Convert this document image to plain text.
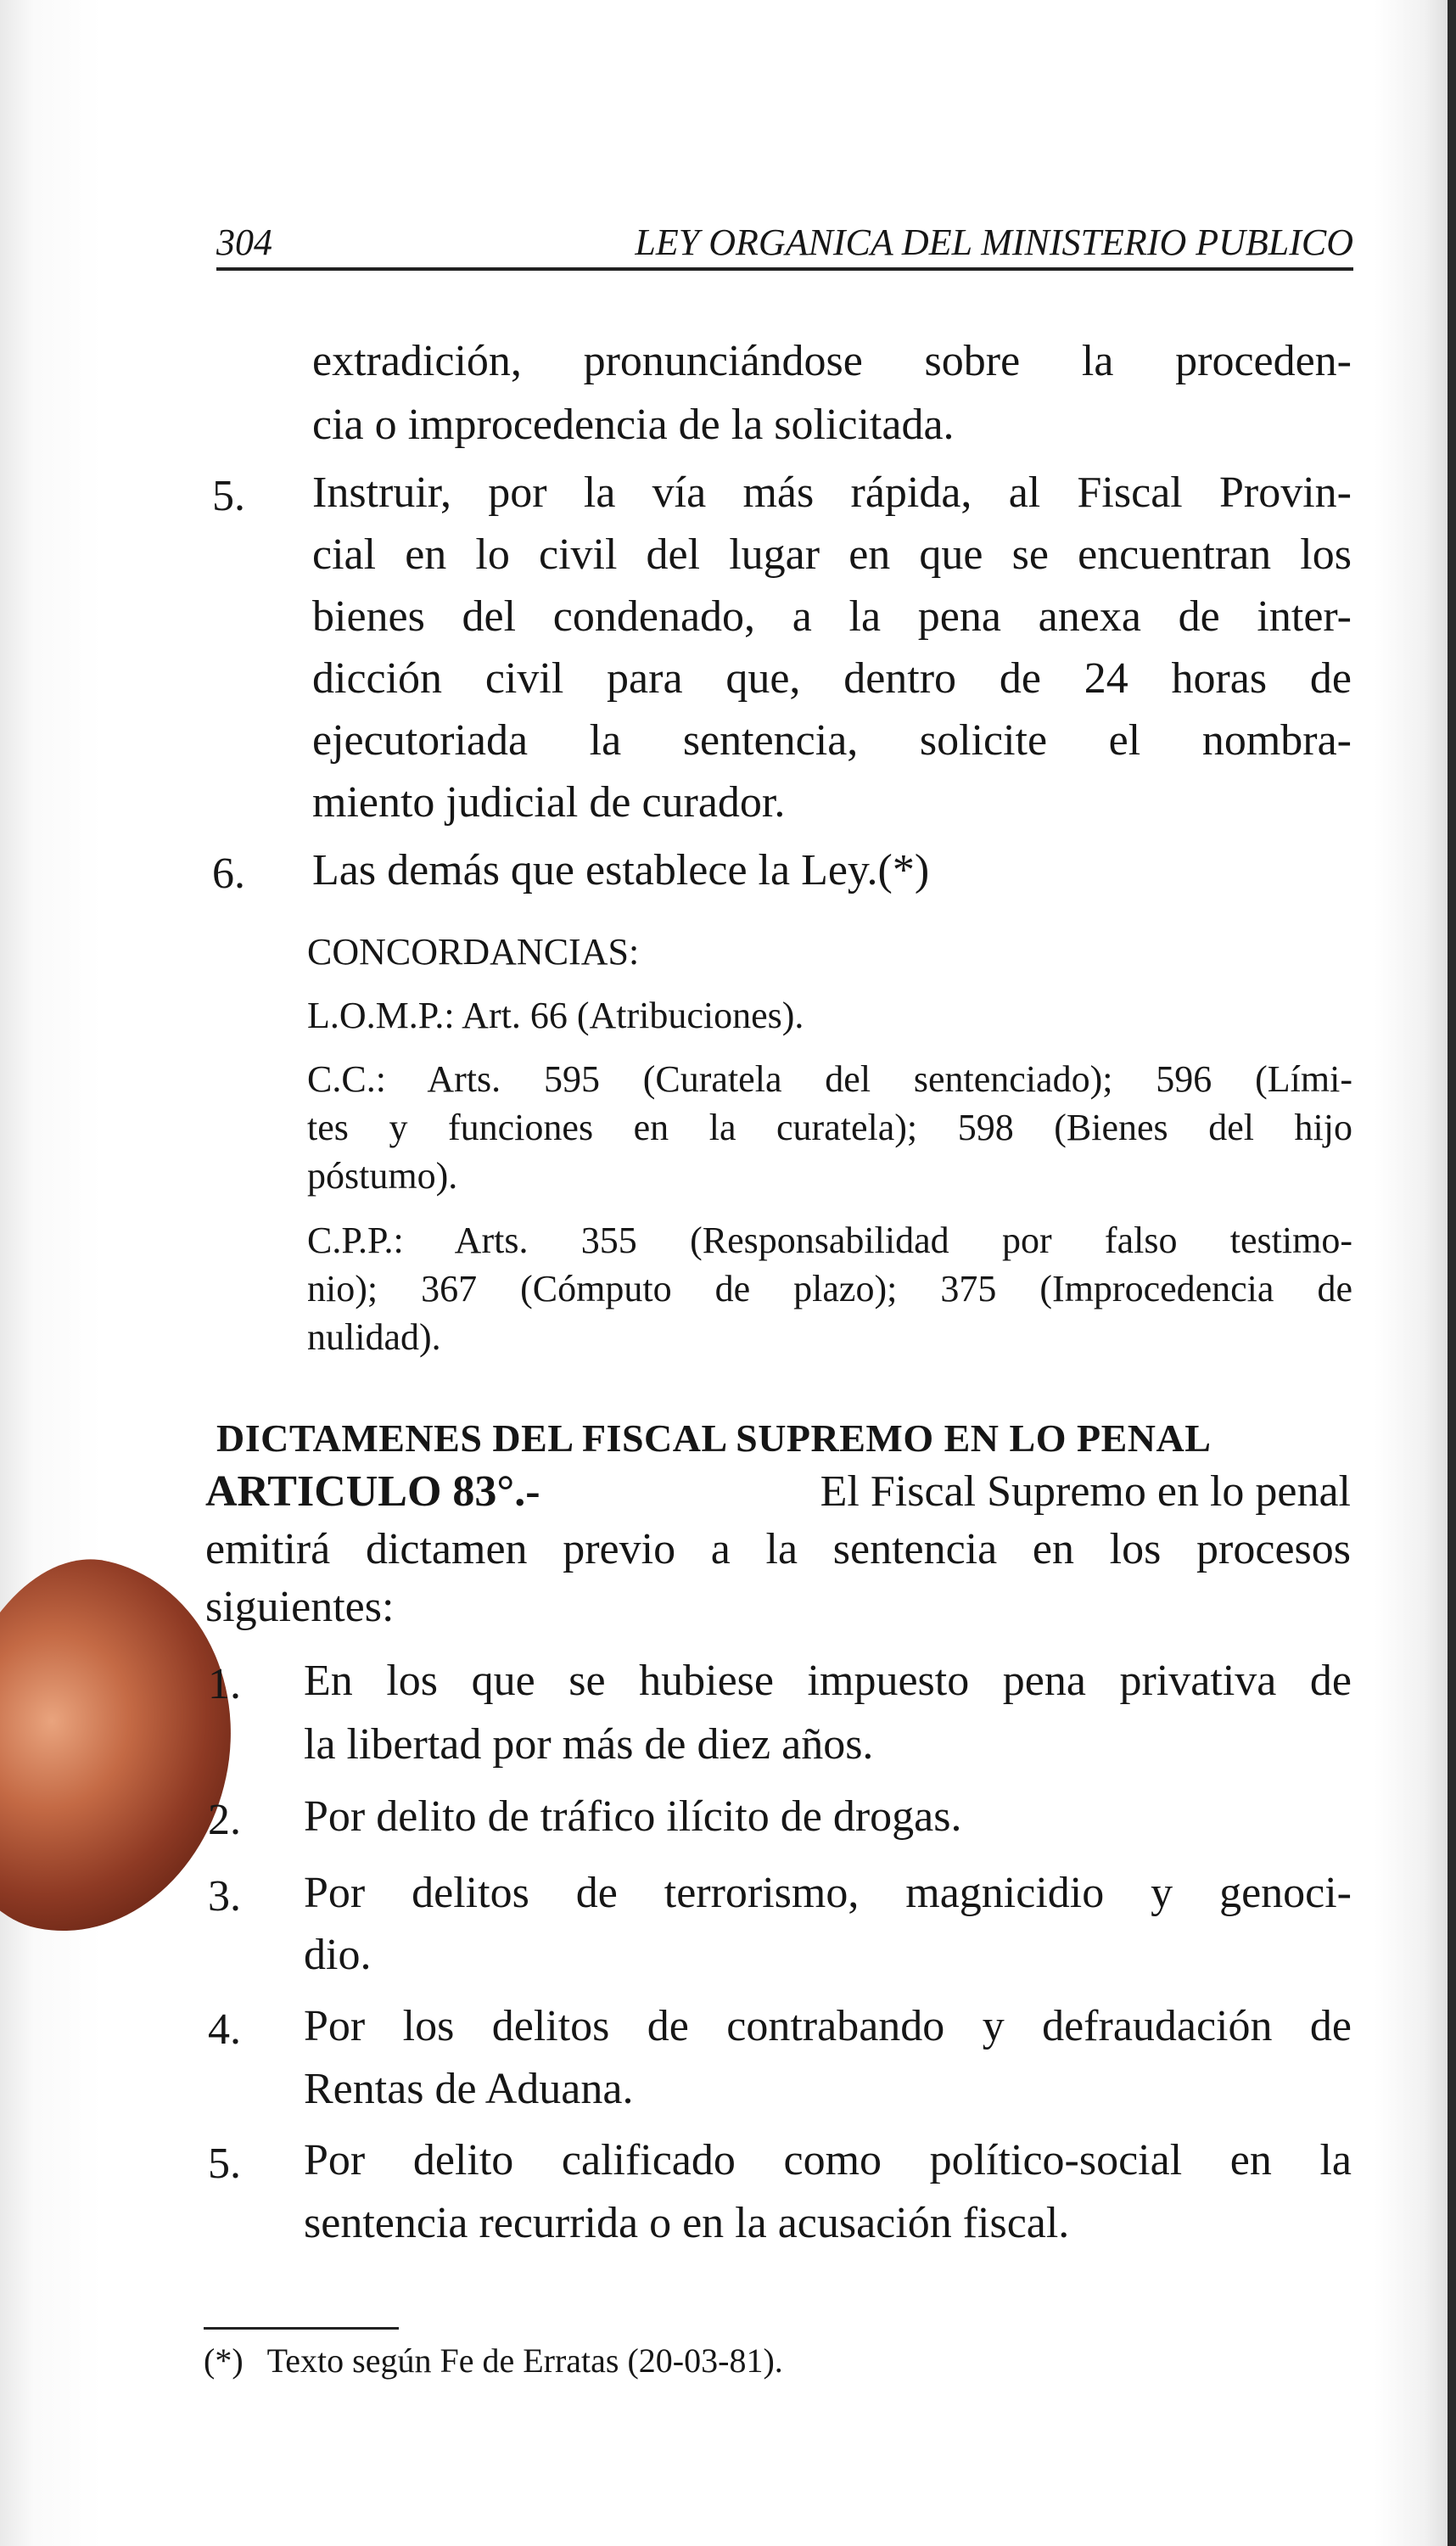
304	LEY ORGANICA DEL MINISTERIO PUBLICO
extradición, pronunciándose sobre la proceden-
cia o improcedencia de la solicitada.
5. Instruir, por la vía más rápida, al Fiscal Provin-
cial en lo civil del lugar en que se encuentran los
bienes del condenado, a la pena anexa de inter-
dicción civil para que, dentro de 24 horas de
ejecutoriada la sentencia, solicite el nombra-
miento judicial de curador.
6. Las demás que establece la Ley.(*)
CONCORDANCIAS:
L.O.M.P.: Art. 66 (Atribuciones).
C.C.: Arts. 595 (Curatela del sentenciado); 596 (Lími-
tes y funciones en la curatela); 598 (Bienes del hijo
póstumo).
C.P.P.: Arts. 355 (Responsabilidad por falso testimo-
nio); 367 (Cómputo de plazo); 375 (Improcedencia de
nulidad).
DICTAMENES DEL FISCAL SUPREMO EN LO PENAL
ARTICULO 83°.-	El Fiscal Supremo en lo penal
emitirá dictamen previo a la sentencia en los procesos
siguientes:
1. En los que se hubiese impuesto pena privativa de
la libertad por más de diez años.
2. Por delito de tráfico ilícito de drogas.
3. Por delitos de terrorismo, magnicidio y genoci-
dio.
4. Por los delitos de contrabando y defraudación de
Rentas de Aduana.
5. Por delito calificado como político-social en la
sentencia recurrida o en la acusación fiscal.
(*) Texto según Fe de Erratas (20-03-81).
